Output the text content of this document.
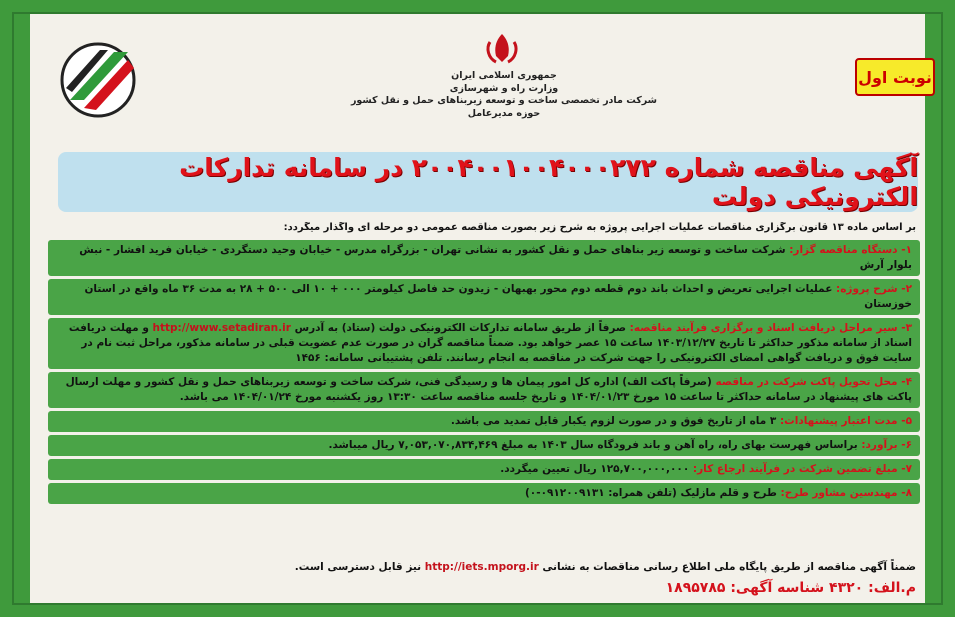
جمهوری اسلامی ایران
وزارت راه و شهرسازی
شرکت مادر تخصصی ساخت و توسعه زیربناهای حمل و نقل کشور
حوزه مدیرعامل
نوبت اول
آگهی مناقصه شماره ۲۰۰۴۰۰۱۰۰۴۰۰۰۲۷۲ در سامانه تدارکات الکترونیکی دولت
بر اساس ماده ۱۳ قانون برگزاری مناقصات عملیات اجرایی پروژه به شرح زیر بصورت مناقصه عمومی دو مرحله ای واگذار میگردد:
۱- دستگاه مناقصه گزار: شرکت ساخت و توسعه زیر بناهای حمل و نقل کشور به نشانی تهران - بزرگراه مدرس - خیابان وحید دستگردی - خیابان فرید افشار - نبش بلوار آرش
۲- شرح پروژه: عملیات اجرایی تعریض و احداث باند دوم قطعه دوم محور بهبهان - زیدون حد فاصل کیلومتر ۰۰۰ + ۱۰ الی ۵۰۰ + ۲۸ به مدت ۳۶ ماه واقع در استان خوزستان
۳- سیر مراحل دریافت اسناد و برگزاری فرآیند مناقصه: صرفاً از طریق سامانه تدارکات الکترونیکی دولت (ستاد) به آدرس http://www.setadiran.ir و مهلت دریافت اسناد از سامانه مذکور حداکثر تا تاریخ ۱۴۰۳/۱۲/۲۷ ساعت ۱۵ عصر خواهد بود. ضمناً مناقصه گران در صورت عدم عضویت قبلی در سامانه مذکور، مراحل ثبت نام در سایت فوق و دریافت گواهی امضای الکترونیکی را جهت شرکت در مناقصه به انجام رسانند. تلفن پشتیبانی سامانه: ۱۴۵۶
۴- محل تحویل پاکت شرکت در مناقصه (صرفاً پاکت الف) اداره کل امور پیمان ها و رسیدگی فنی، شرکت ساخت و توسعه زیربناهای حمل و نقل کشور و مهلت ارسال پاکت های پیشنهاد در سامانه حداکثر تا ساعت ۱۵ مورخ ۱۴۰۴/۰۱/۲۳ و تاریخ جلسه مناقصه ساعت ۱۳:۳۰ روز یکشنبه مورخ ۱۴۰۴/۰۱/۲۴ می باشد.
۵- مدت اعتبار پیشنهادات: ۳ ماه از تاریخ فوق و در صورت لزوم یکبار قابل تمدید می باشد.
۶- برآورد: براساس فهرست بهای راه، راه آهن و باند فرودگاه سال ۱۴۰۳ به مبلغ ۷,۰۵۳,۰۷۰,۸۳۴,۴۶۹ ریال میباشد.
۷- مبلغ تضمین شرکت در فرآیند ارجاع کار: ۱۲۵,۷۰۰,۰۰۰,۰۰۰ ریال تعیین میگردد.
۸- مهندسین مشاور طرح: طرح و قلم مازلیک (تلفن همراه: ۰۹۱۲۰۰۹۱۳۱-۰)
ضمناً آگهی مناقصه از طریق پایگاه ملی اطلاع رسانی مناقصات به نشانی http://iets.mporg.ir نیز قابل دسترسی است.
م.الف: ۴۳۲۰ شناسه آگهی: ۱۸۹۵۷۸۵
